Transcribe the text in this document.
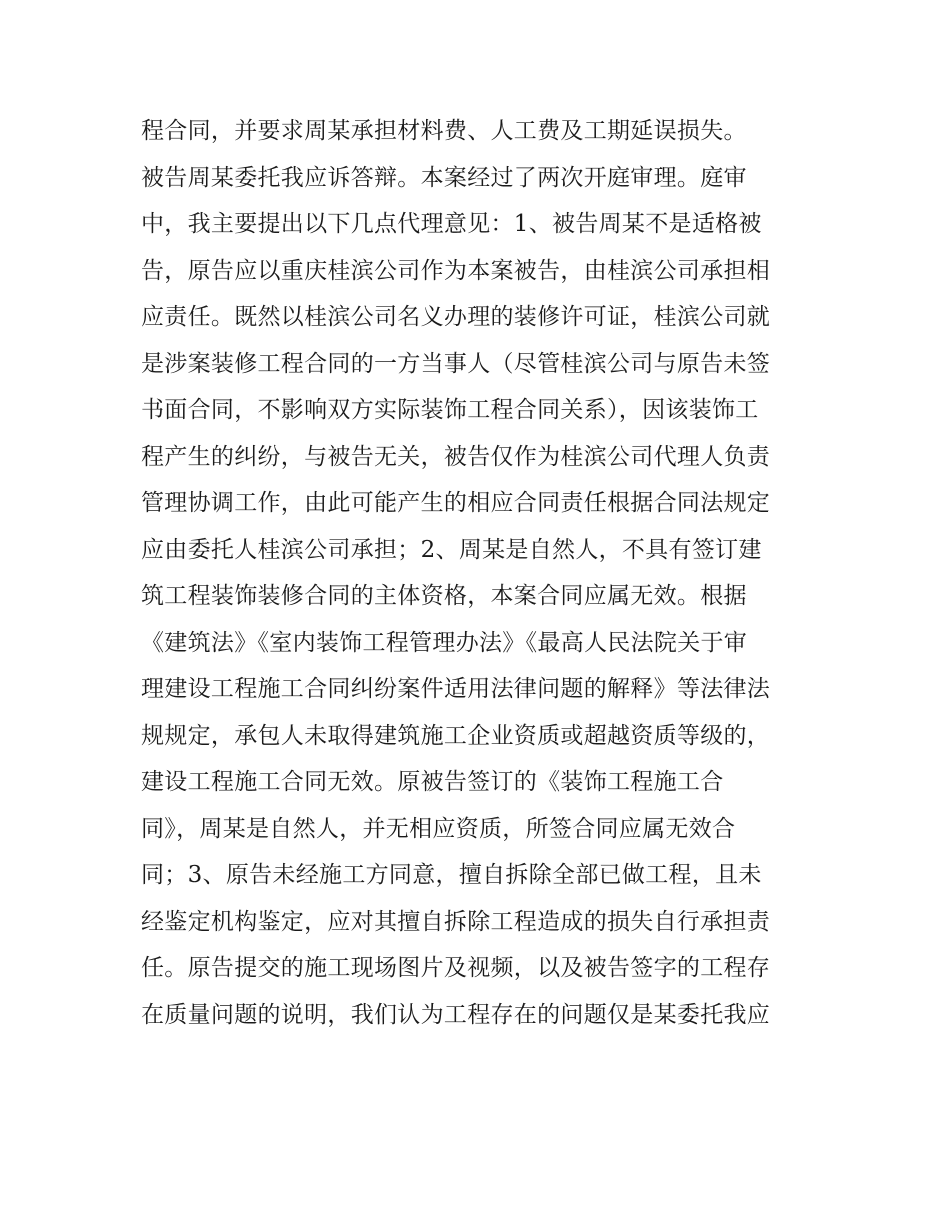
程合同，并要求周某承担材料费、人工费及工期延误损失。
被告周某委托我应诉答辩。本案经过了两次开庭审理。庭审
中，我主要提出以下几点代理意见：1、被告周某不是适格被
告，原告应以重庆桂滨公司作为本案被告，由桂滨公司承担相
应责任。既然以桂滨公司名义办理的装修许可证，桂滨公司就
是涉案装修工程合同的一方当事人（尽管桂滨公司与原告未签
书面合同，不影响双方实际装饰工程合同关系），因该装饰工
程产生的纠纷，与被告无关，被告仅作为桂滨公司代理人负责
管理协调工作，由此可能产生的相应合同责任根据合同法规定
应由委托人桂滨公司承担；2、周某是自然人，不具有签订建
筑工程装饰装修合同的主体资格，本案合同应属无效。根据
《建筑法》《室内装饰工程管理办法》《最高人民法院关于审
理建设工程施工合同纠纷案件适用法律问题的解释》等法律法
规规定，承包人未取得建筑施工企业资质或超越资质等级的，
建设工程施工合同无效。原被告签订的《装饰工程施工合
同》，周某是自然人，并无相应资质，所签合同应属无效合
同；3、原告未经施工方同意，擅自拆除全部已做工程，且未
经鉴定机构鉴定，应对其擅自拆除工程造成的损失自行承担责
任。原告提交的施工现场图片及视频，以及被告签字的工程存
在质量问题的说明，我们认为工程存在的问题仅是某委托我应
